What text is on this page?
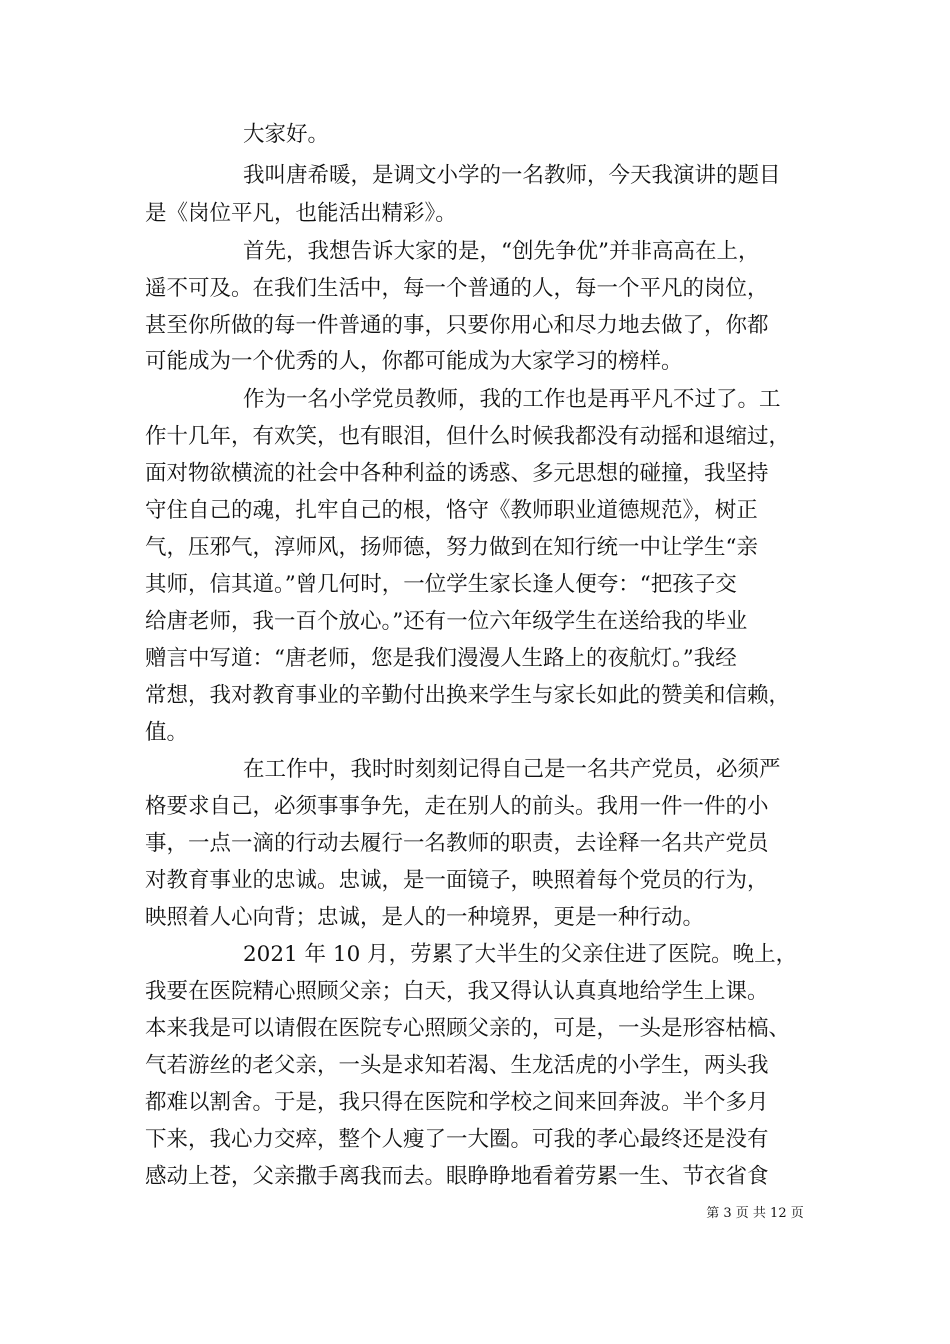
大家好。
我叫唐希暖，是调文小学的一名教师，今天我演讲的题目
是《岗位平凡，也能活出精彩》。
首先，我想告诉大家的是，“创先争优”并非高高在上，
遥不可及。在我们生活中，每一个普通的人，每一个平凡的岗位，
甚至你所做的每一件普通的事，只要你用心和尽力地去做了，你都
可能成为一个优秀的人，你都可能成为大家学习的榜样。
作为一名小学党员教师，我的工作也是再平凡不过了。工
作十几年，有欢笑，也有眼泪，但什么时候我都没有动摇和退缩过，
面对物欲横流的社会中各种利益的诱惑、多元思想的碰撞，我坚持
守住自己的魂，扎牢自己的根，恪守《教师职业道德规范》，树正
气，压邪气，淳师风，扬师德，努力做到在知行统一中让学生“亲
其师，信其道。”曾几何时，一位学生家长逢人便夸：“把孩子交
给唐老师，我一百个放心。”还有一位六年级学生在送给我的毕业
赠言中写道：“唐老师，您是我们漫漫人生路上的夜航灯。”我经
常想，我对教育事业的辛勤付出换来学生与家长如此的赞美和信赖，
值。
在工作中，我时时刻刻记得自己是一名共产党员，必须严
格要求自己，必须事事争先，走在别人的前头。我用一件一件的小
事，一点一滴的行动去履行一名教师的职责，去诠释一名共产党员
对教育事业的忠诚。忠诚，是一面镜子，映照着每个党员的行为，
映照着人心向背；忠诚，是人的一种境界，更是一种行动。
2021 年 10 月，劳累了大半生的父亲住进了医院。晚上，
我要在医院精心照顾父亲；白天，我又得认认真真地给学生上课。
本来我是可以请假在医院专心照顾父亲的，可是，一头是形容枯槁、
气若游丝的老父亲，一头是求知若渴、生龙活虎的小学生，两头我
都难以割舍。于是，我只得在医院和学校之间来回奔波。半个多月
下来，我心力交瘁，整个人瘦了一大圈。可我的孝心最终还是没有
感动上苍，父亲撒手离我而去。眼睁睁地看着劳累一生、节衣省食
第 3 页 共 12 页
